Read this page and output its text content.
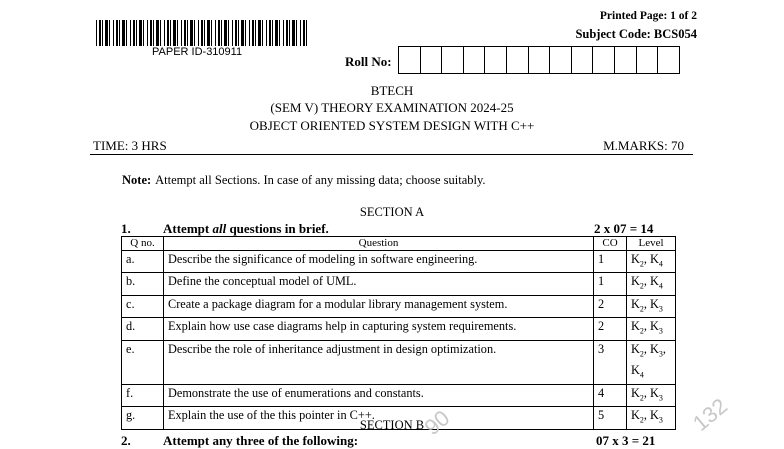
PAPER ID-310911
Printed Page: 1 of 2
Subject Code: BCS054
Roll No:
BTECH
(SEM V) THEORY EXAMINATION 2024-25
OBJECT ORIENTED SYSTEM DESIGN WITH C++
TIME: 3 HRS	M.MARKS: 70
Note: Attempt all Sections. In case of any missing data; choose suitably.
SECTION A
1. Attempt all questions in brief.	2 x 07 = 14
Q no.	Question	CO	Level
a.	Describe the significance of modeling in software engineering.	1	$K_2$, $K_4$
b.	Define the conceptual model of UML.	1	$K_2$, $K_4$
c.	Create a package diagram for a modular library management system.	2	$K_2$, $K_3$
d.	Explain how use case diagrams help in capturing system requirements.	2	$K_2$, $K_3$
e.	Describe the role of inheritance adjustment in design optimization.	3	$K_2$, $K_3$, $K_4$
f.	Demonstrate the use of enumerations and constants.	4	$K_2$, $K_3$
g.	Explain the use of the this pointer in C++.	5	$K_2$, $K_3$
SECTION B
2. Attempt any three of the following:	07 x 3 = 21
90	132
